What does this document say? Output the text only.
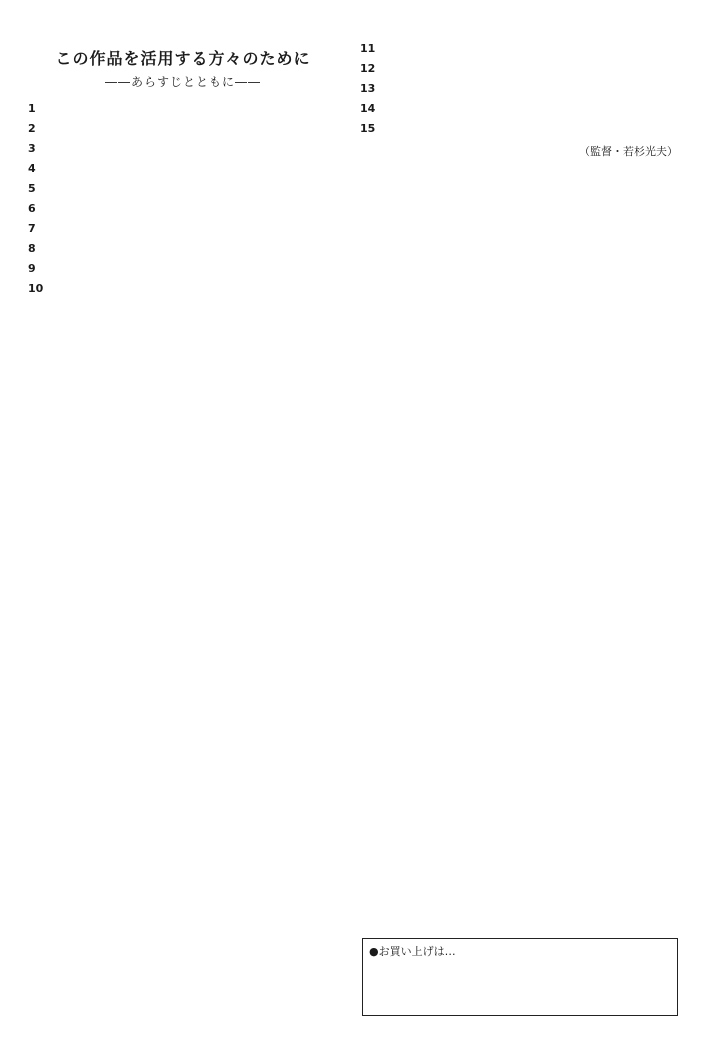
この作品を活用する方々のために
――あらすじとともに――
1
2
3
4
5
6
7
8
9
10
11
12
13
14
15
（監督・若杉光夫）
●お買い上げは…
